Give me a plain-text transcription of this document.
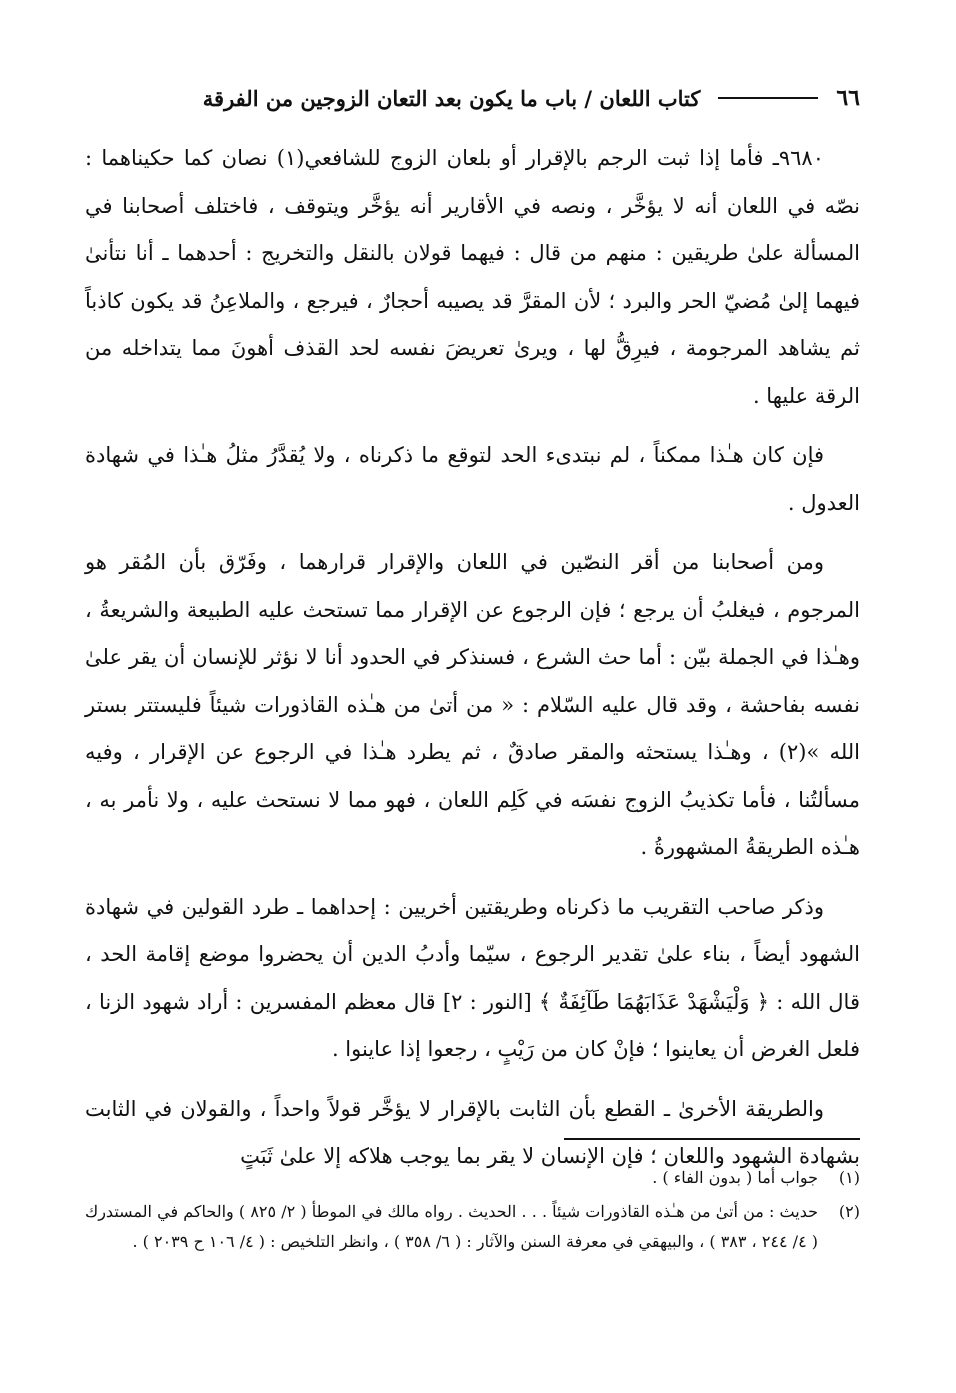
٦٦
كتاب اللعان / باب ما يكون بعد التعان الزوجين من الفرقة

٩٦٨٠ـ فأما إذا ثبت الرجم بالإقرار أو بلعان الزوج للشافعي(١) نصان كما حكيناهما : نصّه في اللعان أنه لا يؤخَّر ، ونصه في الأقارير أنه يؤخَّر ويتوقف ، فاختلف أصحابنا في المسألة علىٰ طريقين : منهم من قال : فيهما قولان بالنقل والتخريج : أحدهما ـ أنا نتأنىٰ فيهما إلىٰ مُضيّ الحر والبرد ؛ لأن المقرَّ قد يصيبه أحجارٌ ، فيرجع ، والملاعِنُ قد يكون كاذباً ثم يشاهد المرجومة ، فيرِقُّ لها ، ويرىٰ تعريضَ نفسه لحد القذف أهونَ مما يتداخله من الرقة عليها .

فإن كان هـٰذا ممكناً ، لم نبتدىء الحد لتوقع ما ذكرناه ، ولا يُقدَّرُ مثلُ هـٰذا في شهادة العدول .

ومن أصحابنا من أقر النصّين في اللعان والإقرار قرارهما ، وفَرّق بأن المُقر هو المرجوم ، فيغلبُ أن يرجع ؛ فإن الرجوع عن الإقرار مما تستحث عليه الطبيعة والشريعةُ ، وهـٰذا في الجملة بيّن : أما حث الشرع ، فسنذكر في الحدود أنا لا نؤثر للإنسان أن يقر علىٰ نفسه بفاحشة ، وقد قال عليه السّلام : « من أتىٰ من هـٰذه القاذورات شيئاً فليستتر بستر الله »(٢) ، وهـٰذا يستحثه والمقر صادقٌ ، ثم يطرد هـٰذا في الرجوع عن الإقرار ، وفيه مسألتُنا ، فأما تكذيبُ الزوج نفسَه في كَلِم اللعان ، فهو مما لا نستحث عليه ، ولا نأمر به ، هـٰذه الطريقةُ المشهورةُ .

وذكر صاحب التقريب ما ذكرناه وطريقتين أخريين : إحداهما ـ طرد القولين في شهادة الشهود أيضاً ، بناء علىٰ تقدير الرجوع ، سيّما وأدبُ الدين أن يحضروا موضع إقامة الحد ، قال الله : ﴿ وَلْيَشْهَدْ عَذَابَهُمَا طَآئِفَةٌ ﴾ [النور : ٢] قال معظم المفسرين : أراد شهود الزنا ، فلعل الغرض أن يعاينوا ؛ فإنْ كان من رَيْبٍ ، رجعوا إذا عاينوا .

والطريقة الأخرىٰ ـ القطع بأن الثابت بالإقرار لا يؤخَّر قولاً واحداً ، والقولان في الثابت بشهادة الشهود واللعان ؛ فإن الإنسان لا يقر بما يوجب هلاكه إلا علىٰ ثَبَتٍ

(١)
جواب أما ( بدون الفاء ) .
(٢)
حديث : من أتىٰ من هـٰذه القاذورات شيئاً . . . الحديث . رواه مالك في الموطأ ( ٢/ ٨٢٥ ) والحاكم في المستدرك ( ٤/ ٢٤٤ ، ٣٨٣ ) ، والبيهقي في معرفة السنن والآثار : ( ٦/ ٣٥٨ ) ، وانظر التلخيص : ( ٤/ ١٠٦ ح ٢٠٣٩ ) .
